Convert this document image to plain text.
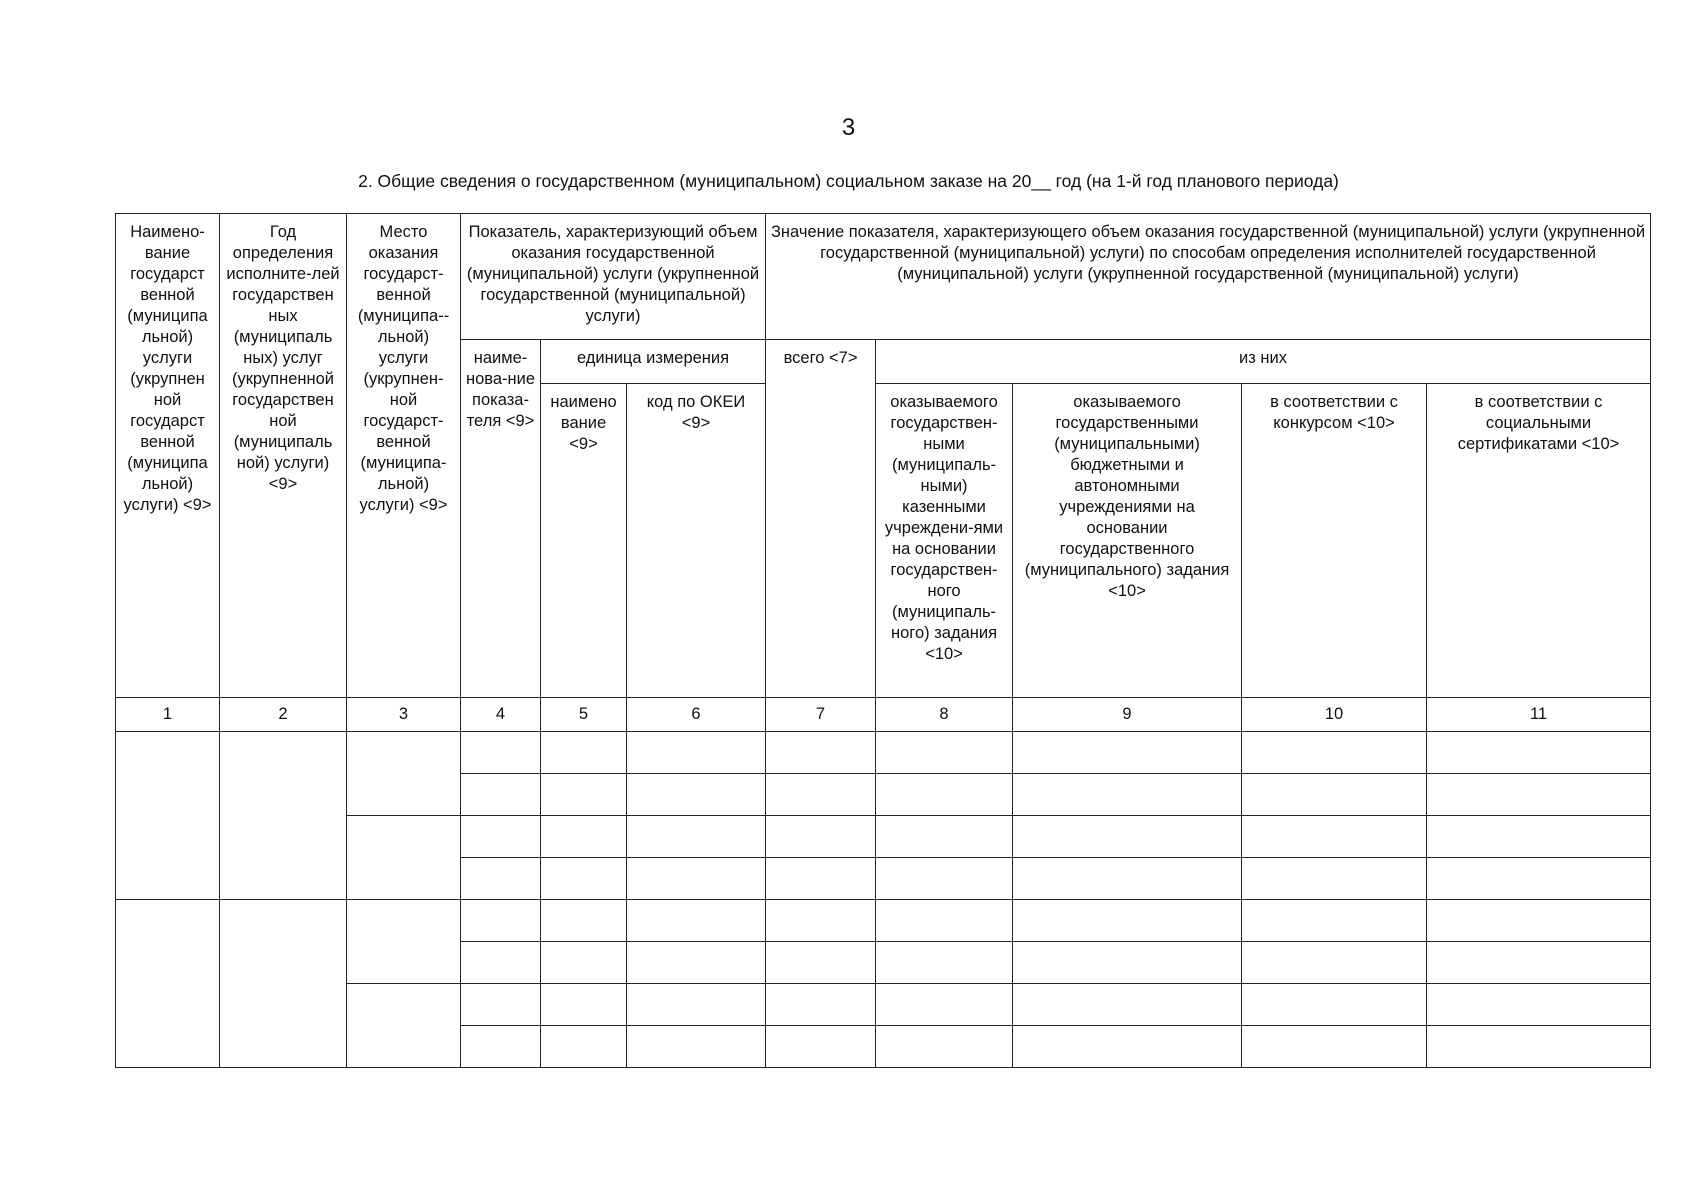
3
2. Общие сведения о государственном (муниципальном) социальном заказе на 20__ год (на 1-й год планового периода)
Наимено-вание государст венной (муниципа льной) услуги (укрупнен ной государст венной (муниципа льной) услуги) <9>	Год определения исполните-лей государствен ных (муниципаль ных) услуг (укрупненной государствен ной (муниципаль ной) услуги) <9>	Место оказания государст-венной (муниципа--льной) услуги (укрупнен-ной государст-венной (муниципа-льной) услуги) <9>	Показатель, характеризующий объем оказания государственной (муниципальной) услуги (укрупненной государственной (муниципальной) услуги)			Значение показателя, характеризующего объем оказания государственной (муниципальной) услуги (укрупненной государственной (муниципальной) услуги) по способам определения исполнителей государственной (муниципальной) услуги (укрупненной государственной (муниципальной) услуги)				
			наиме-нова-ние показа-теля <9>	единица измерения		всего <7>	из них			
				наимено вание <9>	код по ОКЕИ <9>		оказываемого государствен-ными (муниципаль-ными) казенными учреждени-ями на основании государствен-ного (муниципаль-ного) задания <10>	оказываемого государственными (муниципальными) бюджетными и автономными учреждениями на основании государственного (муниципального) задания <10>	в соответствии с конкурсом <10>	в соответствии с социальными сертификатами <10>
1	2	3	4	5	6	7	8	9	10	11
